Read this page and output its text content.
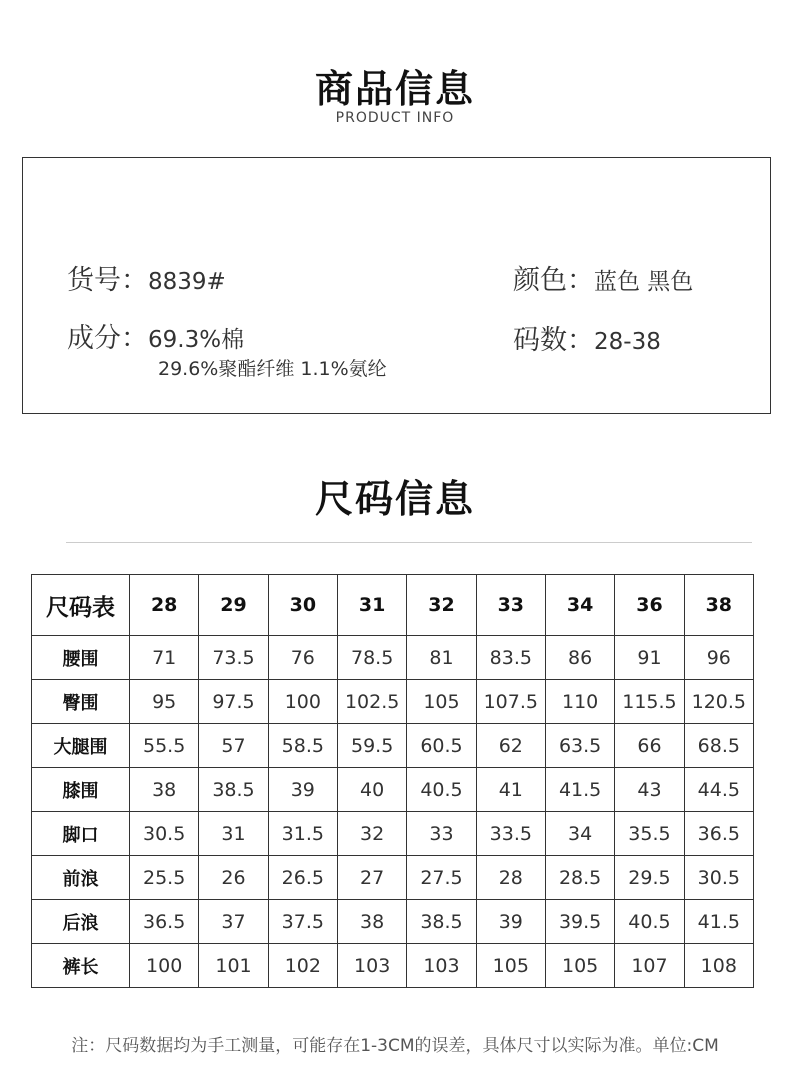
商品信息
PRODUCT INFO
货号：8839#	颜色：蓝色 黑色
成分：69.3%棉
29.6%聚酯纤维 1.1%氨纶
码数：28-38
尺码信息
尺码表	28	29	30	31	32	33	34	36	38
腰围	71	73.5	76	78.5	81	83.5	86	91	96
臀围	95	97.5	100	102.5	105	107.5	110	115.5	120.5
大腿围	55.5	57	58.5	59.5	60.5	62	63.5	66	68.5
膝围	38	38.5	39	40	40.5	41	41.5	43	44.5
脚口	30.5	31	31.5	32	33	33.5	34	35.5	36.5
前浪	25.5	26	26.5	27	27.5	28	28.5	29.5	30.5
后浪	36.5	37	37.5	38	38.5	39	39.5	40.5	41.5
裤长	100	101	102	103	103	105	105	107	108
注：尺码数据均为手工测量，可能存在1-3CM的误差，具体尺寸以实际为准。单位:CM
